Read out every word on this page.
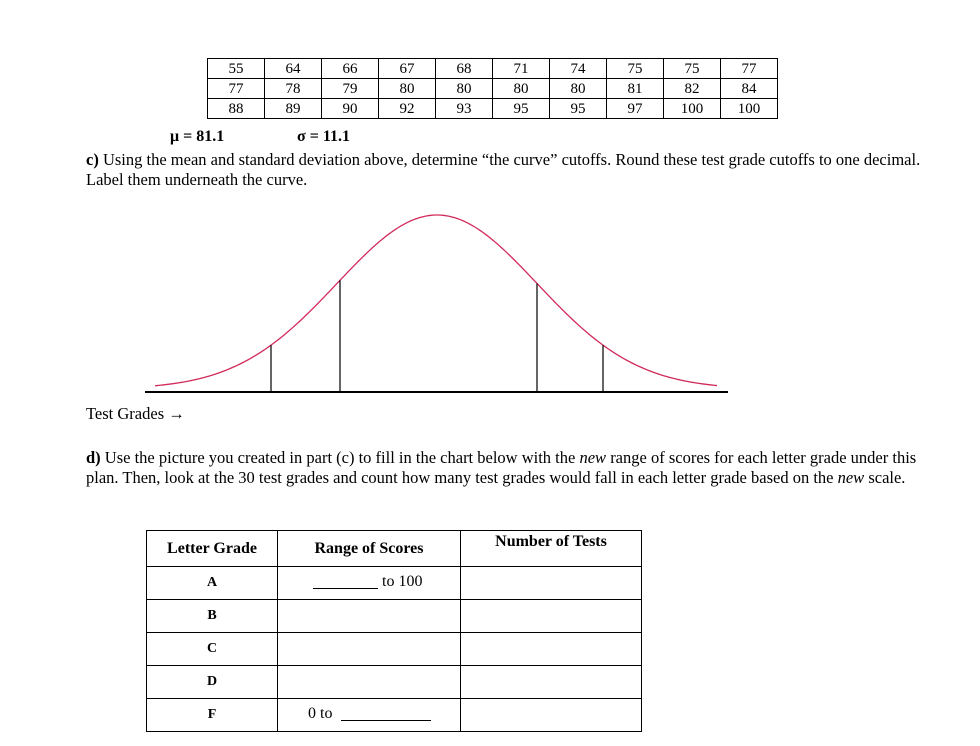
55	64	66	67	68	71	74	75	75	77
77	78	79	80	80	80	80	81	82	84
88	89	90	92	93	95	95	97	100	100
μ = 81.1	σ = 11.1
c) Using the mean and standard deviation above, determine “the curve” cutoffs. Round these test grade cutoffs to one decimal. Label them underneath the curve.
Test Grades →
d) Use the picture you created in part (c) to fill in the chart below with the new range of scores for each letter grade under this plan. Then, look at the 30 test grades and count how many test grades would fall in each letter grade based on the new scale.
Letter Grade	Range of Scores	Number of Tests
A	to 100	

B		
C		
D		
F	0 to	
